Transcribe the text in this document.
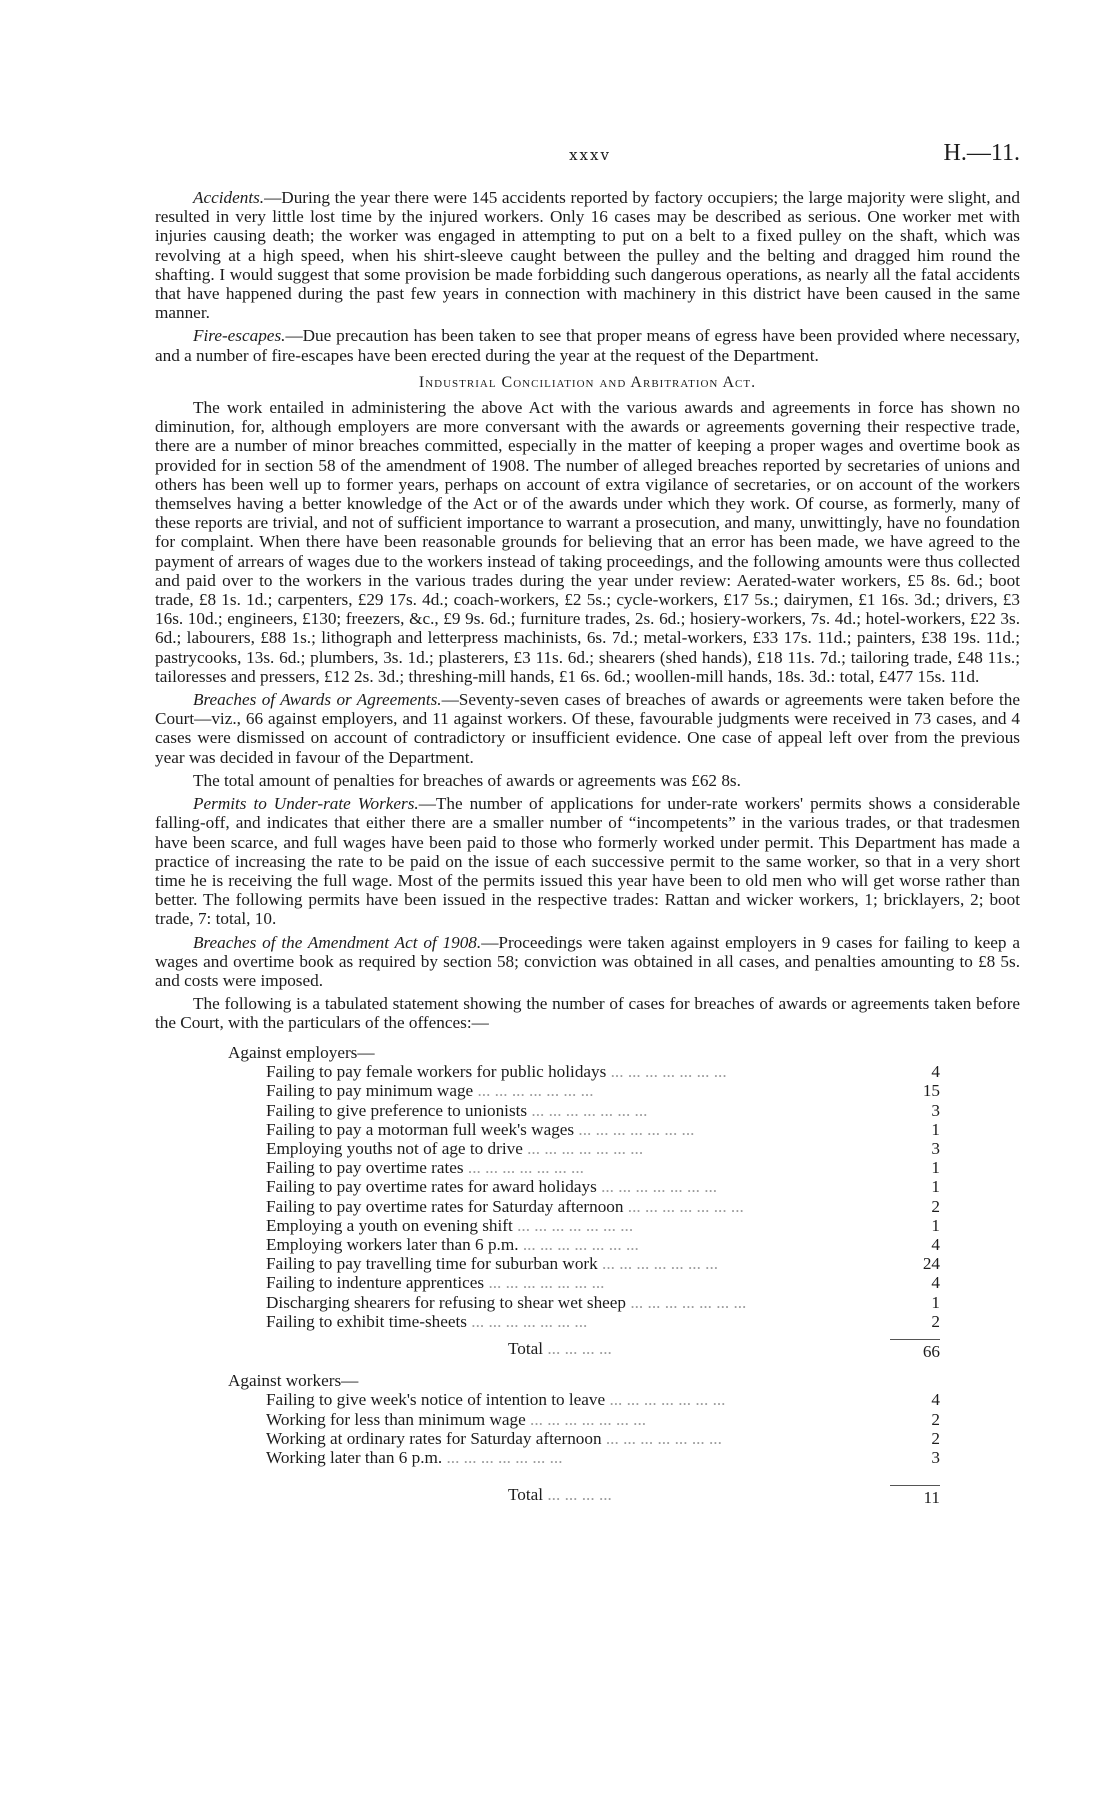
xxxv	H.—11.

Accidents.—During the year there were 145 accidents reported by factory occupiers; the large majority were slight, and resulted in very little lost time by the injured workers. Only 16 cases may be described as serious. One worker met with injuries causing death; the worker was engaged in attempting to put on a belt to a fixed pulley on the shaft, which was revolving at a high speed, when his shirt-sleeve caught between the pulley and the belting and dragged him round the shafting. I would suggest that some provision be made forbidding such dangerous operations, as nearly all the fatal accidents that have happened during the past few years in connection with machinery in this district have been caused in the same manner.

Fire-escapes.—Due precaution has been taken to see that proper means of egress have been provided where necessary, and a number of fire-escapes have been erected during the year at the request of the Department.

Industrial Conciliation and Arbitration Act.

The work entailed in administering the above Act with the various awards and agreements in force has shown no diminution, for, although employers are more conversant with the awards or agreements governing their respective trade, there are a number of minor breaches committed, especially in the matter of keeping a proper wages and overtime book as provided for in section 58 of the amendment of 1908. The number of alleged breaches reported by secretaries of unions and others has been well up to former years, perhaps on account of extra vigilance of secretaries, or on account of the workers themselves having a better knowledge of the Act or of the awards under which they work. Of course, as formerly, many of these reports are trivial, and not of sufficient importance to warrant a prosecution, and many, unwittingly, have no foundation for complaint. When there have been reasonable grounds for believing that an error has been made, we have agreed to the payment of arrears of wages due to the workers instead of taking proceedings, and the following amounts were thus collected and paid over to the workers in the various trades during the year under review: Aerated-water workers, £5 8s. 6d.; boot trade, £8 1s. 1d.; carpenters, £29 17s. 4d.; coach-workers, £2 5s.; cycle-workers, £17 5s.; dairymen, £1 16s. 3d.; drivers, £3 16s. 10d.; engineers, £130; freezers, &c., £9 9s. 6d.; furniture trades, 2s. 6d.; hosiery-workers, 7s. 4d.; hotel-workers, £22 3s. 6d.; labourers, £88 1s.; lithograph and letterpress machinists, 6s. 7d.; metal-workers, £33 17s. 11d.; painters, £38 19s. 11d.; pastrycooks, 13s. 6d.; plumbers, 3s. 1d.; plasterers, £3 11s. 6d.; shearers (shed hands), £18 11s. 7d.; tailoring trade, £48 11s.; tailoresses and pressers, £12 2s. 3d.; threshing-mill hands, £1 6s. 6d.; woollen-mill hands, 18s. 3d.: total, £477 15s. 11d.

Breaches of Awards or Agreements.—Seventy-seven cases of breaches of awards or agreements were taken before the Court—viz., 66 against employers, and 11 against workers. Of these, favourable judgments were received in 73 cases, and 4 cases were dismissed on account of contradictory or insufficient evidence. One case of appeal left over from the previous year was decided in favour of the Department.

The total amount of penalties for breaches of awards or agreements was £62 8s.

Permits to Under-rate Workers.—The number of applications for under-rate workers' permits shows a considerable falling-off, and indicates that either there are a smaller number of “incompetents” in the various trades, or that tradesmen have been scarce, and full wages have been paid to those who formerly worked under permit. This Department has made a practice of increasing the rate to be paid on the issue of each successive permit to the same worker, so that in a very short time he is receiving the full wage. Most of the permits issued this year have been to old men who will get worse rather than better. The following permits have been issued in the respective trades: Rattan and wicker workers, 1; bricklayers, 2; boot trade, 7: total, 10.

Breaches of the Amendment Act of 1908.—Proceedings were taken against employers in 9 cases for failing to keep a wages and overtime book as required by section 58; conviction was obtained in all cases, and penalties amounting to £8 5s. and costs were imposed.

The following is a tabulated statement showing the number of cases for breaches of awards or agreements taken before the Court, with the particulars of the offences:—

Against employers—
Failing to pay female workers for public holidays ...	4
Failing to pay minimum wage ...	15
Failing to give preference to unionists ...	3
Failing to pay a motorman full week's wages ...	1
Employing youths not of age to drive ...	3
Failing to pay overtime rates ...	1
Failing to pay overtime rates for award holidays ...	1
Failing to pay overtime rates for Saturday afternoon ...	2
Employing a youth on evening shift ...	1
Employing workers later than 6 p.m. ...	4
Failing to pay travelling time for suburban work ...	24
Failing to indenture apprentices ...	4
Discharging shearers for refusing to shear wet sheep ...	1
Failing to exhibit time-sheets ...	2
Total ...	66
Against workers—
Failing to give week's notice of intention to leave ...	4
Working for less than minimum wage ...	2
Working at ordinary rates for Saturday afternoon ...	2
Working later than 6 p.m. ...	3
Total ...	11
